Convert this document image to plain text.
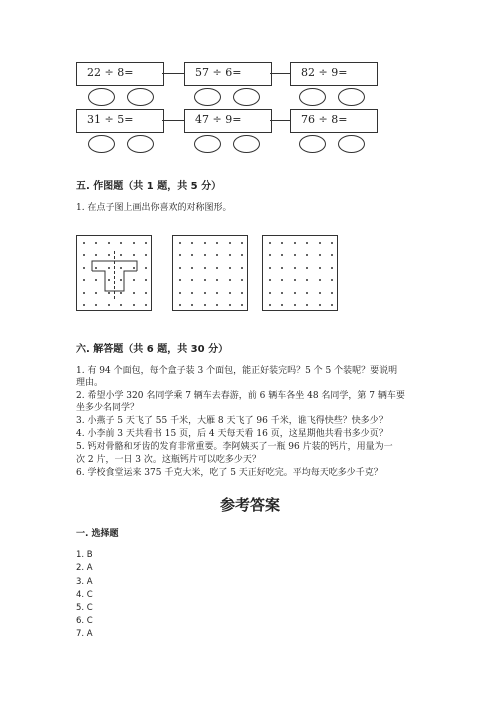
22 ÷ 8=	57 ÷ 6=	82 ÷ 9=
31 ÷ 5=	47 ÷ 9=	76 ÷ 8=
五. 作图题（共 1 题，共 5 分）
1. 在点子图上画出你喜欢的对称图形。
六. 解答题（共 6 题，共 30 分）
1. 有 94 个面包，每个盒子装 3 个面包，能正好装完吗？5 个 5 个装呢？要说明
理由。
2. 希望小学 320 名同学乘 7 辆车去春游，前 6 辆车各坐 48 名同学，第 7 辆车要
坐多少名同学？
3. 小燕子 5 天飞了 55 千米，大雁 8 天飞了 96 千米，谁飞得快些？快多少？
4. 小李前 3 天共看书 15 页，后 4 天每天看 16 页，这星期他共看书多少页？
5. 钙对骨骼和牙齿的发育非常重要。李阿姨买了一瓶 96 片装的钙片，用量为一
次 2 片，一日 3 次。这瓶钙片可以吃多少天？
6. 学校食堂运来 375 千克大米，吃了 5 天正好吃完。平均每天吃多少千克？
参考答案
一. 选择题
1. B
2. A
3. A
4. C
5. C
6. C
7. A
